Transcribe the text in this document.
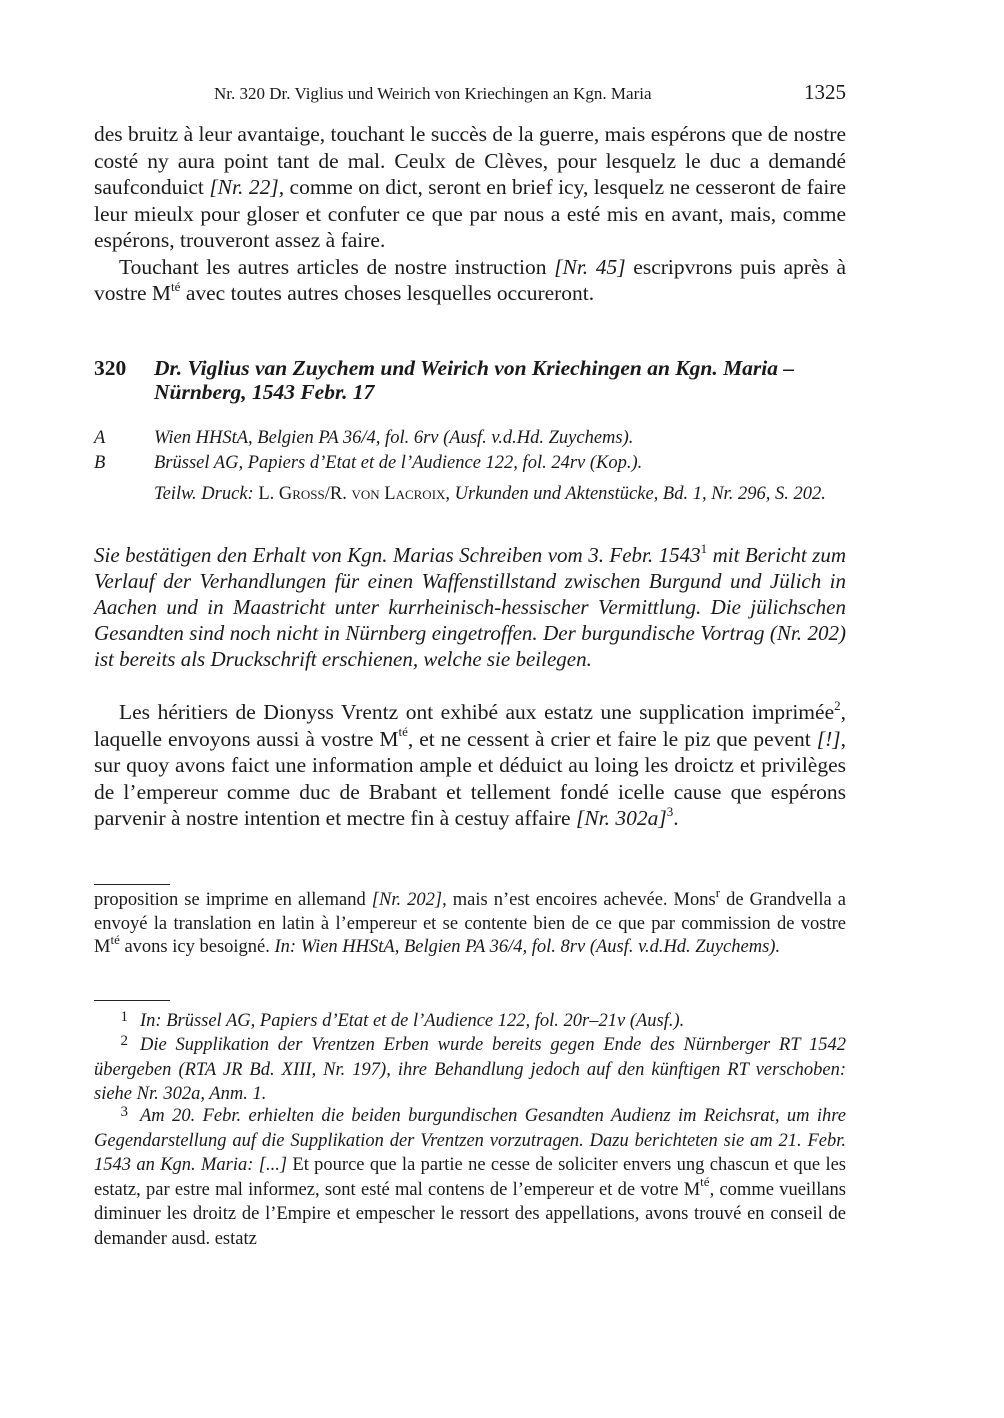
Nr. 320 Dr. Viglius und Weirich von Kriechingen an Kgn. Maria	1325
des bruitz à leur avantaige, touchant le succès de la guerre, mais espérons que de nostre costé ny aura point tant de mal. Ceulx de Clèves, pour lesquelz le duc a demandé saufconduict [Nr. 22], comme on dict, seront en brief icy, lesquelz ne cesseront de faire leur mieulx pour gloser et confuter ce que par nous a esté mis en avant, mais, comme espérons, trouveront assez à faire.
Touchant les autres articles de nostre instruction [Nr. 45] escripvrons puis après à vostre $M^{té}$ avec toutes autres choses lesquelles occureront.
320 Dr. Viglius van Zuychem und Weirich von Kriechingen an Kgn. Maria – Nürnberg, 1543 Febr. 17
A	Wien HHStA, Belgien PA 36/4, fol. 6rv (Ausf. v.d.Hd. Zuychems).
B	Brüssel AG, Papiers d’Etat et de l’Audience 122, fol. 24rv (Kop.).
Teilw. Druck: L. Groß/R. von Lacroix, Urkunden und Aktenstücke, Bd. 1, Nr. 296, S. 202.
Sie bestätigen den Erhalt von Kgn. Marias Schreiben vom 3. Febr. 1543$^1$ mit Bericht zum Verlauf der Verhandlungen für einen Waffenstillstand zwischen Burgund und Jülich in Aachen und in Maastricht unter kurrheinisch-hessischer Vermittlung. Die jülichschen Gesandten sind noch nicht in Nürnberg eingetroffen. Der burgundische Vortrag (Nr. 202) ist bereits als Druckschrift erschienen, welche sie beilegen.
Les héritiers de Dionyss Vrentz ont exhibé aux estatz une supplication imprimée$^2$, laquelle envoyons aussi à vostre $M^{té}$, et ne cessent à crier et faire le piz que pevent [!], sur quoy avons faict une information ample et déduict au loing les droictz et privilèges de l’empereur comme duc de Brabant et tellement fondé icelle cause que espérons parvenir à nostre intention et mectre fin à cestuy affaire [Nr. 302a]$^3$.
proposition se imprime en allemand [Nr. 202], mais n’est encoires achevée. Mons$^r$ de Grandvella a envoyé la translation en latin à l’empereur et se contente bien de ce que par commission de vostre $M^{té}$ avons icy besoigné. In: Wien HHStA, Belgien PA 36/4, fol. 8rv (Ausf. v.d.Hd. Zuychems).
1 In: Brüssel AG, Papiers d’Etat et de l’Audience 122, fol. 20r–21v (Ausf.).
2 Die Supplikation der Vrentzen Erben wurde bereits gegen Ende des Nürnberger RT 1542 übergeben (RTA JR Bd. XIII, Nr. 197), ihre Behandlung jedoch auf den künftigen RT verschoben: siehe Nr. 302a, Anm. 1.
3 Am 20. Febr. erhielten die beiden burgundischen Gesandten Audienz im Reichsrat, um ihre Gegendarstellung auf die Supplikation der Vrentzen vorzutragen. Dazu berichteten sie am 21. Febr. 1543 an Kgn. Maria: [...] Et pource que la partie ne cesse de soliciter envers ung chascun et que les estatz, par estre mal informez, sont esté mal contens de l’empereur et de votre $M^{té}$, comme vueillans diminuer les droitz de l’Empire et empescher le ressort des appellations, avons trouvé en conseil de demander ausd. estatz
